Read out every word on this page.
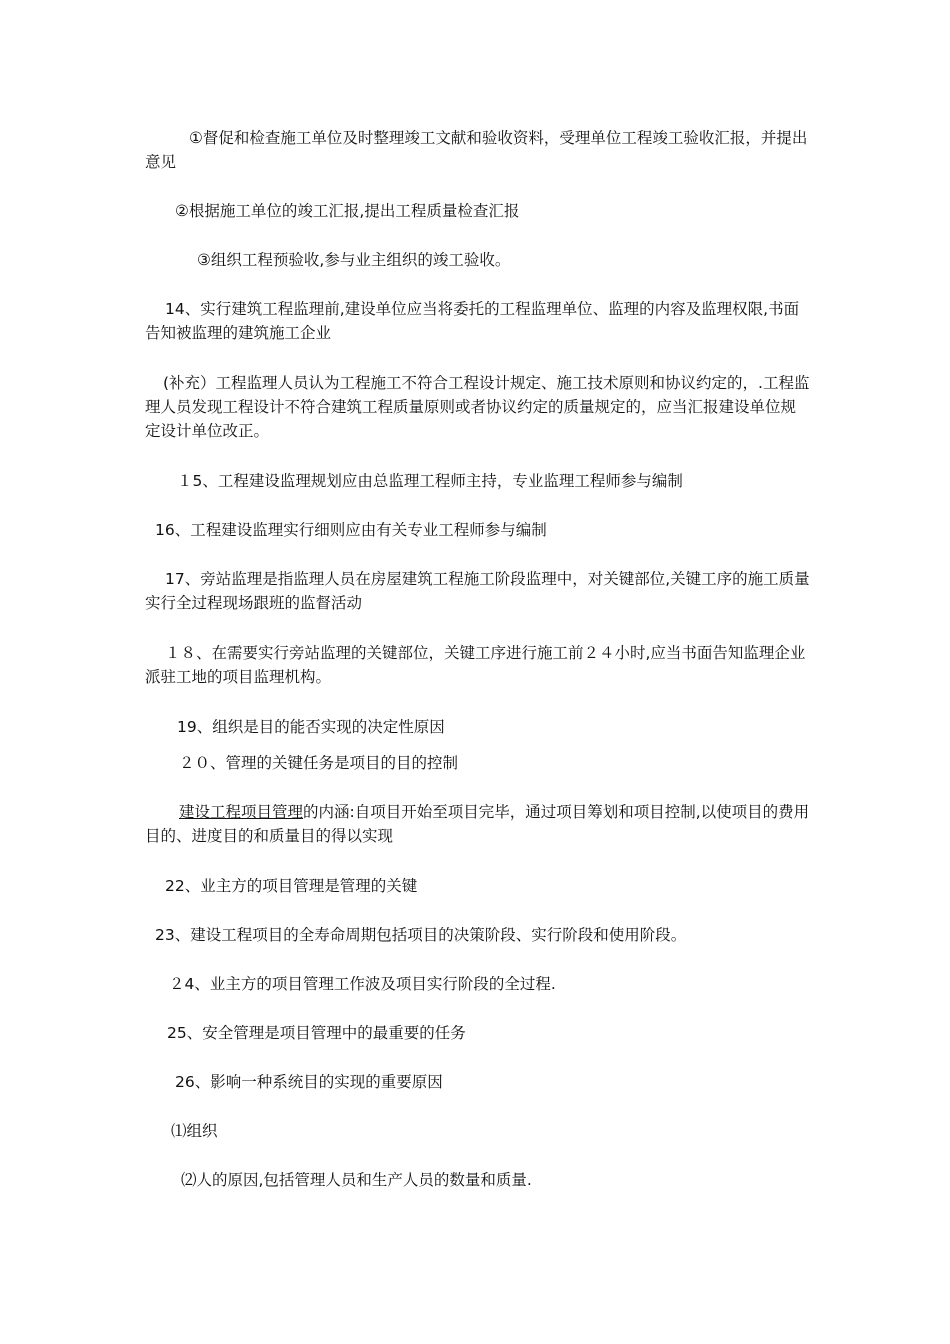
①督促和检查施工单位及时整理竣工文献和验收资料，受理单位工程竣工验收汇报，并提出意见

②根据施工单位的竣工汇报,提出工程质量检查汇报

③组织工程预验收,参与业主组织的竣工验收。

14、实行建筑工程监理前,建设单位应当将委托的工程监理单位、监理的内容及监理权限,书面告知被监理的建筑施工企业

(补充）工程监理人员认为工程施工不符合工程设计规定、施工技术原则和协议约定的，.工程监理人员发现工程设计不符合建筑工程质量原则或者协议约定的质量规定的，应当汇报建设单位规定设计单位改正。

１5、工程建设监理规划应由总监理工程师主持，专业监理工程师参与编制

16、工程建设监理实行细则应由有关专业工程师参与编制

17、旁站监理是指监理人员在房屋建筑工程施工阶段监理中，对关键部位,关键工序的施工质量实行全过程现场跟班的监督活动

１８、在需要实行旁站监理的关键部位，关键工序进行施工前２４小时,应当书面告知监理企业派驻工地的项目监理机构。

19、组织是目的能否实现的决定性原因

２０、管理的关键任务是项目的目的控制

建设工程项目管理的内涵:自项目开始至项目完毕，通过项目筹划和项目控制,以使项目的费用目的、进度目的和质量目的得以实现

22、业主方的项目管理是管理的关键

23、建设工程项目的全寿命周期包括项目的决策阶段、实行阶段和使用阶段。

２4、业主方的项目管理工作波及项目实行阶段的全过程.

25、安全管理是项目管理中的最重要的任务

26、影响一种系统目的实现的重要原因

⑴组织

⑵人的原因,包括管理人员和生产人员的数量和质量.
